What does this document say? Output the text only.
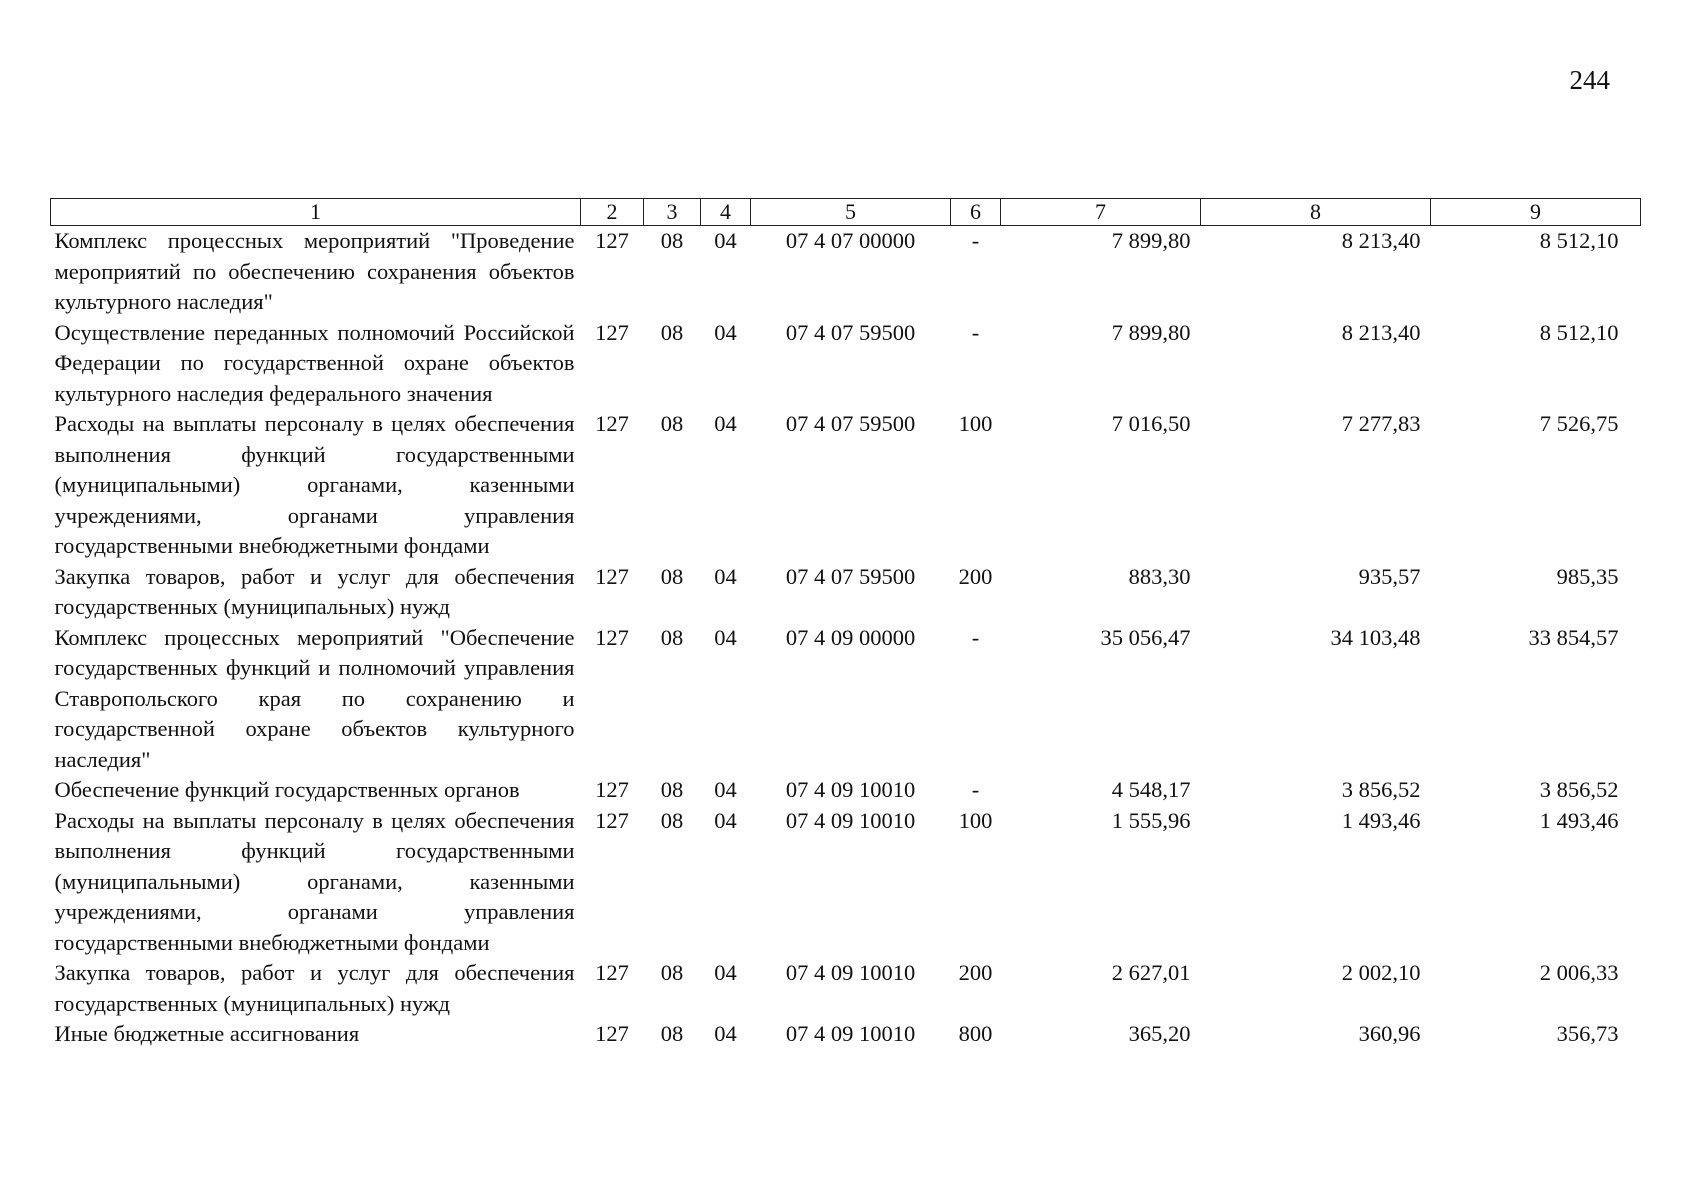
244
1	2	3	4	5	6	7	8	9
Комплекс процессных мероприятий "Проведение мероприятий по обеспечению сохранения объектов культурного наследия"	127	08	04	07 4 07 00000	-	7 899,80	8 213,40	8 512,10
Осуществление переданных полномочий Российской Федерации по государственной охране объектов культурного наследия федерального значения	127	08	04	07 4 07 59500	-	7 899,80	8 213,40	8 512,10
Расходы на выплаты персоналу в целях обеспечения выполнения функций государственными (муниципальными) органами, казенными учреждениями, органами управления государственными внебюджетными фондами	127	08	04	07 4 07 59500	100	7 016,50	7 277,83	7 526,75
Закупка товаров, работ и услуг для обеспечения государственных (муниципальных) нужд	127	08	04	07 4 07 59500	200	883,30	935,57	985,35
Комплекс процессных мероприятий "Обеспечение государственных функций и полномочий управления Ставропольского края по сохранению и государственной охране объектов культурного наследия"	127	08	04	07 4 09 00000	-	35 056,47	34 103,48	33 854,57
Обеспечение функций государственных органов	127	08	04	07 4 09 10010	-	4 548,17	3 856,52	3 856,52
Расходы на выплаты персоналу в целях обеспечения выполнения функций государственными (муниципальными) органами, казенными учреждениями, органами управления государственными внебюджетными фондами	127	08	04	07 4 09 10010	100	1 555,96	1 493,46	1 493,46
Закупка товаров, работ и услуг для обеспечения государственных (муниципальных) нужд	127	08	04	07 4 09 10010	200	2 627,01	2 002,10	2 006,33
Иные бюджетные ассигнования	127	08	04	07 4 09 10010	800	365,20	360,96	356,73
